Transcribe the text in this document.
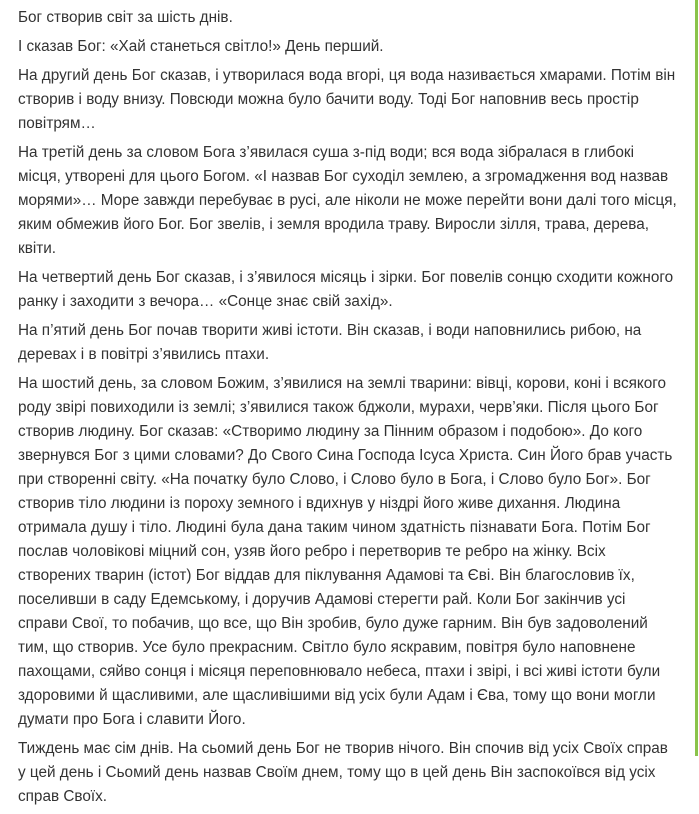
Бог створив світ за шість днів.

І сказав Бог: «Хай станеться світло!» День перший.

На другий день Бог сказав, і утворилася вода вгорі, ця вода називається хмарами. Потім він створив і воду внизу. Повсюди можна було бачити воду. Тоді Бог наповнив весь простір повітрям…

На третій день за словом Бога з’явилася суша з-під води; вся вода зібралася в глибокі місця, утворені для цього Богом. «І назвав Бог суходіл землею, а згромадження вод назвав морями»… Море завжди перебуває в русі, але ніколи не може перейти вони далі того місця, яким обмежив його Бог. Бог звелів, і земля вродила траву. Виросли зілля, трава, дерева, квіти.

На четвертий день Бог сказав, і з’явилося місяць і зірки. Бог повелів сонцю сходити кожного ранку і заходити з вечора… «Сонце знає свій захід».

На п’ятий день Бог почав творити живі істоти. Він сказав, і води наповнились рибою, на деревах і в повітрі з’явились птахи.

На шостий день, за словом Божим, з’явилися на землі тварини: вівці, корови, коні і всякого роду звірі повиходили із землі; з’явилися також бджоли, мурахи, черв’яки. Після цього Бог створив людину. Бог сказав: «Створимо людину за Пінним образом і подобою». До кого звернувся Бог з цими словами? До Свого Сина Господа Ісуса Христа. Син Його брав участь при створенні світу. «На початку було Слово, і Слово було в Бога, і Слово було Бог». Бог створив тіло людини із пороху земного і вдихнув у ніздрі його живе дихання. Людина отримала душу і тіло. Людині була дана таким чином здатність пізнавати Бога. Потім Бог послав чоловікові міцний сон, узяв його ребро і перетворив те ребро на жінку. Всіх створених тварин (істот) Бог віддав для піклування Адамові та Єві. Він благословив їх, поселивши в саду Едемському, і доручив Адамові стерегти рай. Коли Бог закінчив усі справи Свої, то побачив, що все, що Він зробив, було дуже гарним. Він був задоволений тим, що створив. Усе було прекрасним. Світло було яскравим, повітря було наповнене пахощами, сяйво сонця і місяця переповнювало небеса, птахи і звірі, і всі живі істоти були здоровими й щасливими, але щасливішими від усіх були Адам і Єва, тому що вони могли думати про Бога і славити Його.

Тиждень має сім днів. На сьомий день Бог не творив нічого. Він спочив від усіх Своїх справ у цей день і Сьомий день назвав Своїм днем, тому що в цей день Він заспокоївся від усіх справ Своїх.
